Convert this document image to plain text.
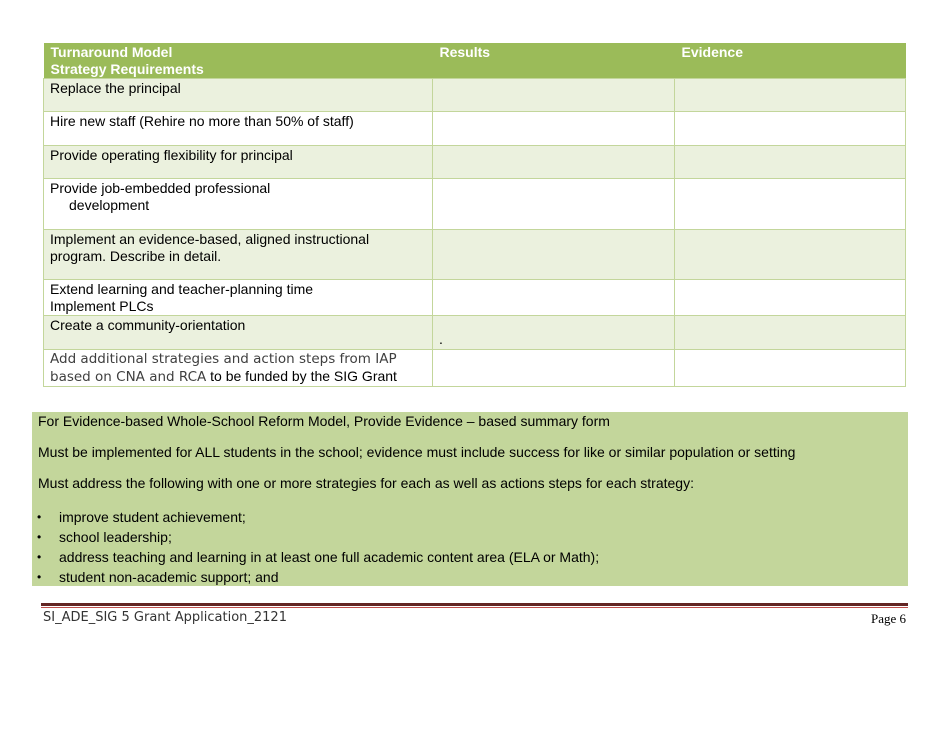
Turnaround Model
Strategy Requirements	Results	Evidence

Replace the principal		

Hire new staff (Rehire no more than 50% of staff)		

Provide operating flexibility for principal		

Provide job-embedded professional
development		

Implement an evidence-based, aligned instructional
program. Describe in detail.		

Extend learning and teacher-planning time
Implement PLCs		

Create a community-orientation	.	

Add additional strategies and action steps from IAP
based on CNA and RCA to be funded by the SIG Grant		

For Evidence-based Whole-School Reform Model, Provide Evidence – based summary form

Must be implemented for ALL students in the school; evidence must include success for like or similar population or setting

Must address the following with one or more strategies for each as well as actions steps for each strategy:

• improve student achievement;
• school leadership;
• address teaching and learning in at least one full academic content area (ELA or Math);
• student non-academic support; and
SI_ADE_SIG 5 Grant Application_2121	Page 6
